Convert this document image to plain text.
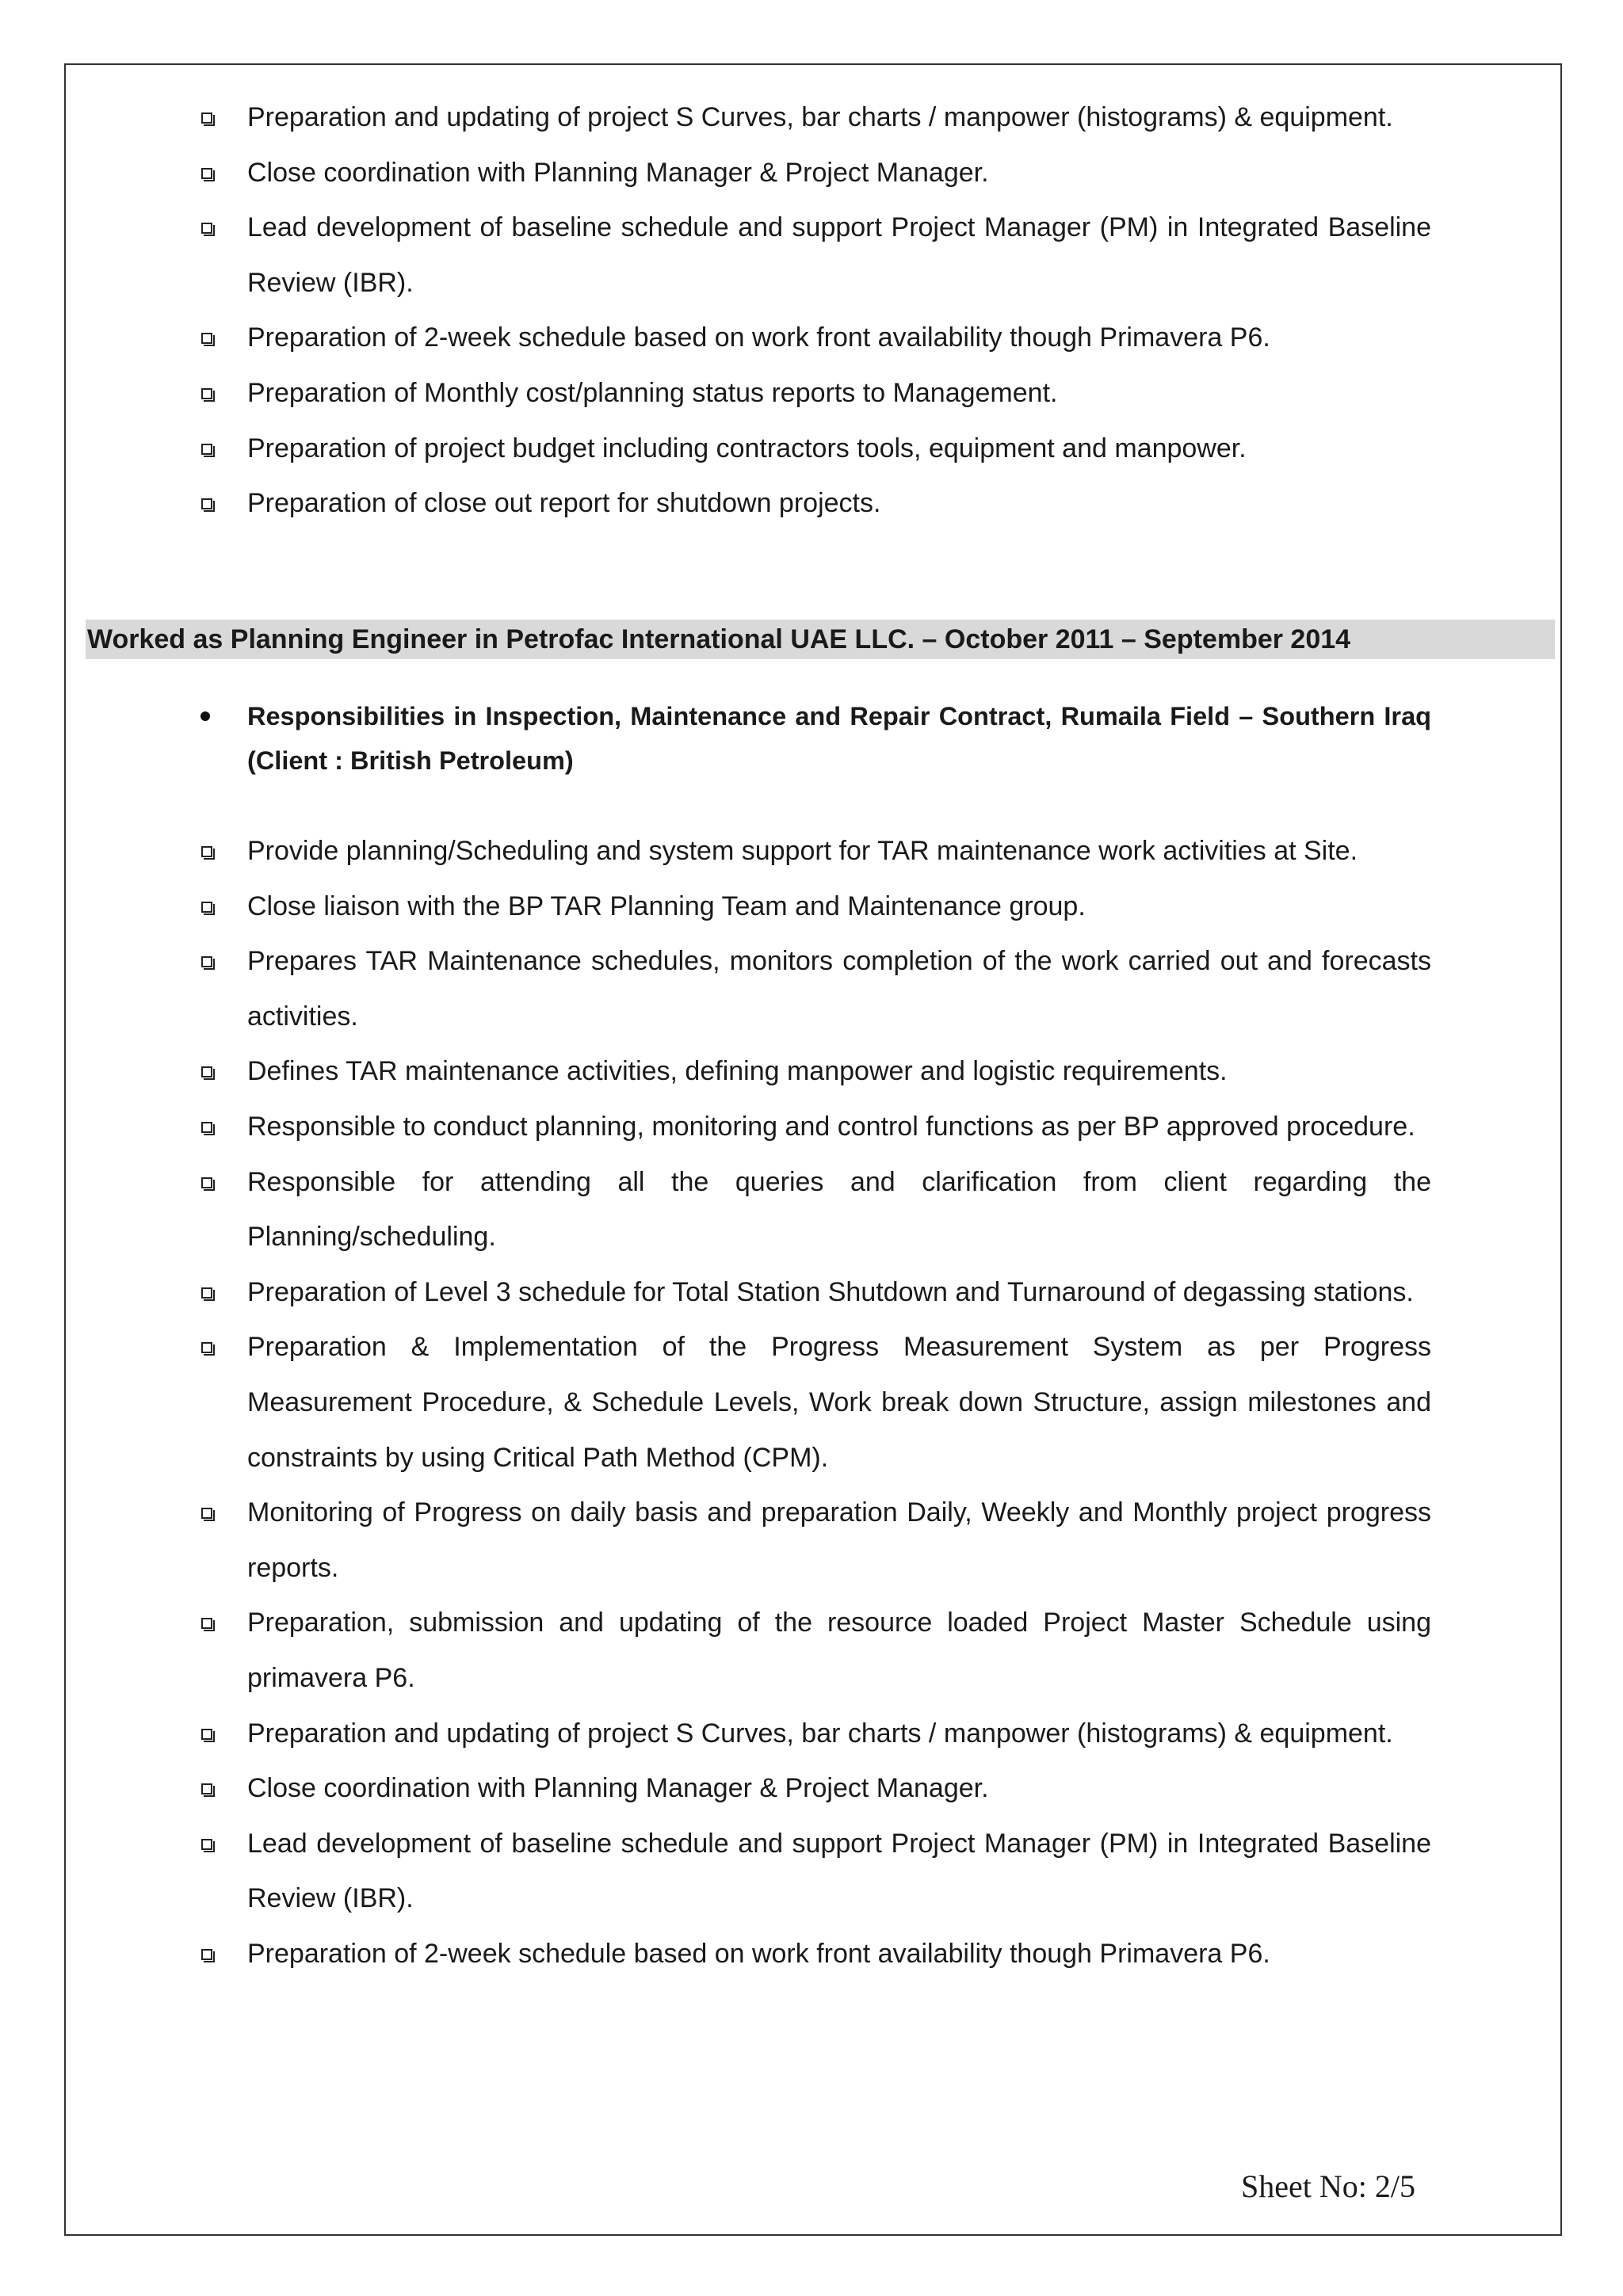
Preparation and updating of project S Curves, bar charts / manpower (histograms) & equipment.
Close coordination with Planning Manager & Project Manager.
Lead development of baseline schedule and support Project Manager (PM) in Integrated Baseline Review (IBR).
Preparation of 2-week schedule based on work front availability though Primavera P6.
Preparation of Monthly cost/planning status reports to Management.
Preparation of project budget including contractors tools, equipment and manpower.
Preparation of close out report for shutdown projects.
Worked as Planning Engineer in Petrofac International UAE LLC. – October 2011 – September 2014
Responsibilities in Inspection, Maintenance and Repair Contract, Rumaila Field – Southern Iraq (Client : British Petroleum)
Provide planning/Scheduling and system support for TAR maintenance work activities at Site.
Close liaison with the BP TAR Planning Team and Maintenance group.
Prepares TAR Maintenance schedules, monitors completion of the work carried out and forecasts activities.
Defines TAR maintenance activities, defining manpower and logistic requirements.
Responsible to conduct planning, monitoring and control functions as per BP approved procedure.
Responsible for attending all the queries and clarification from client regarding the Planning/scheduling.
Preparation of Level 3 schedule for Total Station Shutdown and Turnaround of degassing stations.
Preparation & Implementation of the Progress Measurement System as per Progress Measurement Procedure, & Schedule Levels, Work break down Structure, assign milestones and constraints by using Critical Path Method (CPM).
Monitoring of Progress on daily basis and preparation Daily, Weekly and Monthly project progress reports.
Preparation, submission and updating of the resource loaded Project Master Schedule using primavera P6.
Preparation and updating of project S Curves, bar charts / manpower (histograms) & equipment.
Close coordination with Planning Manager & Project Manager.
Lead development of baseline schedule and support Project Manager (PM) in Integrated Baseline Review (IBR).
Preparation of 2-week schedule based on work front availability though Primavera P6.
Sheet No: 2/5
